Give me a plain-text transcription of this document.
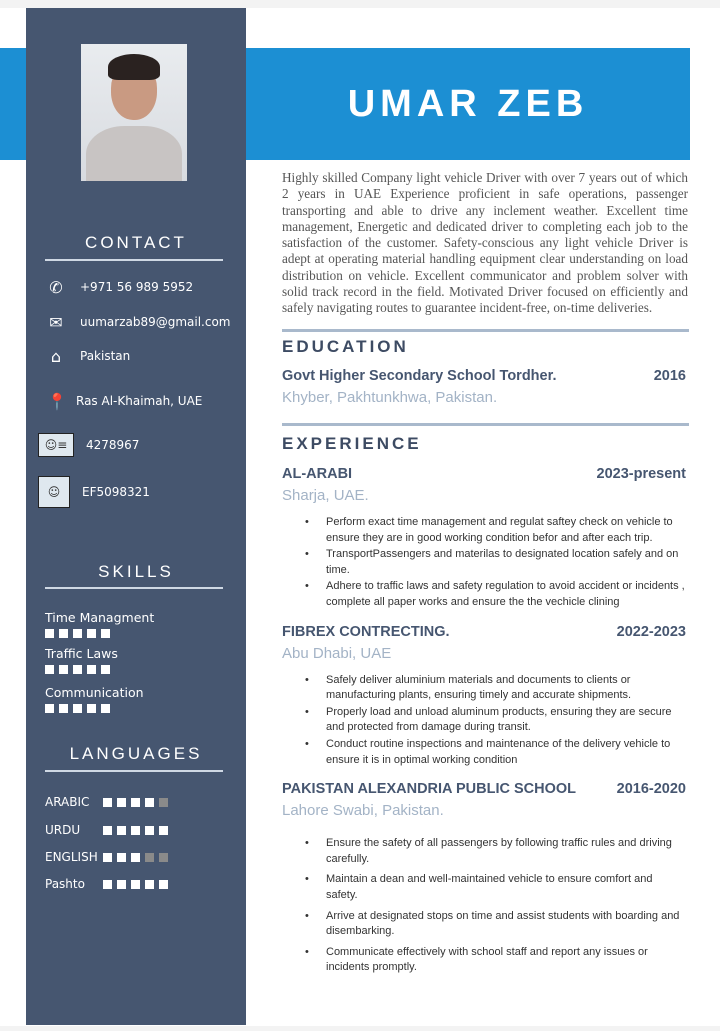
UMAR ZEB
CONTACT
✆	+971 56 989 5952
✉	uumarzab89@gmail.com
⌂	Pakistan
📍 Ras Al-Khaimah, UAE
☺≡	4278967
☺	EF5098321
SKILLS
Time Managment
Traffic Laws
Communication
LANGUAGES
ARABIC
URDU
ENGLISH
Pashto
Highly skilled Company light vehicle Driver with over 7 years out of which 2 years in UAE Experience proficient in safe operations, passenger transporting and able to drive any inclement weather. Excellent time management, Energetic and dedicated driver to completing each job to the satisfaction of the customer. Safety-conscious any light vehicle Driver is adept at operating material handling equipment clear understanding on load distribution on vehicle. Excellent communicator and problem solver with solid track record in the field. Motivated Driver focused on efficiently and safely navigating routes to guarantee incident-free, on-time deliveries.
EDUCATION
Govt Higher Secondary School Tordher.	2016
Khyber, Pakhtunkhwa, Pakistan.
EXPERIENCE
AL-ARABI	2023-present
Sharja, UAE.
• Perform exact time management and regulat saftey check on vehicle to ensure they are in good working condition befor and after each trip.
• TransportPassengers and materilas to designated location safely and on time.
• Adhere to traffic laws and safety regulation to avoid accident or incidents , complete all paper works and ensure the the vechicle clining
FIBREX CONTRECTING.	2022-2023
Abu Dhabi, UAE
• Safely deliver aluminium materials and documents to clients or manufacturing plants, ensuring timely and accurate shipments.
• Properly load and unload aluminum products, ensuring they are secure and protected from damage during transit.
• Conduct routine inspections and maintenance of the delivery vehicle to ensure it is in optimal working condition
PAKISTAN ALEXANDRIA PUBLIC SCHOOL	2016-2020
Lahore Swabi, Pakistan.
• Ensure the safety of all passengers by following traffic rules and driving carefully.
• Maintain a dean and well-maintained vehicle to ensure comfort and safety.
• Arrive at designated stops on time and assist students with boarding and disembarking.
• Communicate effectively with school staff and report any issues or incidents promptly.
